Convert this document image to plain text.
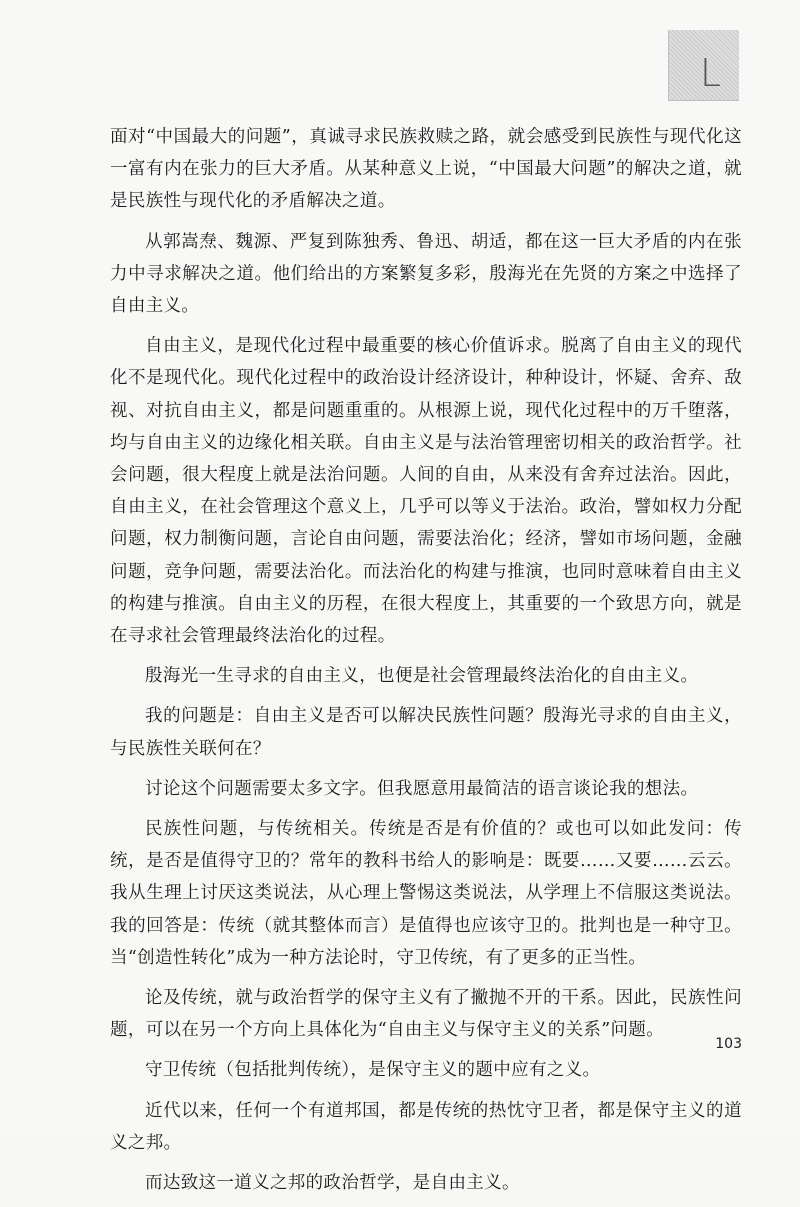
L

面对“中国最大的问题”，真诚寻求民族救赎之路，就会感受到民族性与现代化这一富有内在张力的巨大矛盾。从某种意义上说，“中国最大问题”的解决之道，就是民族性与现代化的矛盾解决之道。

从郭嵩焘、魏源、严复到陈独秀、鲁迅、胡适，都在这一巨大矛盾的内在张力中寻求解决之道。他们给出的方案繁复多彩，殷海光在先贤的方案之中选择了自由主义。

自由主义，是现代化过程中最重要的核心价值诉求。脱离了自由主义的现代化不是现代化。现代化过程中的政治设计经济设计，种种设计，怀疑、舍弃、敌视、对抗自由主义，都是问题重重的。从根源上说，现代化过程中的万千堕落，均与自由主义的边缘化相关联。自由主义是与法治管理密切相关的政治哲学。社会问题，很大程度上就是法治问题。人间的自由，从来没有舍弃过法治。因此，自由主义，在社会管理这个意义上，几乎可以等义于法治。政治，譬如权力分配问题，权力制衡问题，言论自由问题，需要法治化；经济，譬如市场问题，金融问题，竞争问题，需要法治化。而法治化的构建与推演，也同时意味着自由主义的构建与推演。自由主义的历程，在很大程度上，其重要的一个致思方向，就是在寻求社会管理最终法治化的过程。

殷海光一生寻求的自由主义，也便是社会管理最终法治化的自由主义。

我的问题是：自由主义是否可以解决民族性问题？殷海光寻求的自由主义，与民族性关联何在？

讨论这个问题需要太多文字。但我愿意用最简洁的语言谈论我的想法。

民族性问题，与传统相关。传统是否是有价值的？或也可以如此发问：传统，是否是值得守卫的？常年的教科书给人的影响是：既要……又要……云云。我从生理上讨厌这类说法，从心理上警惕这类说法，从学理上不信服这类说法。我的回答是：传统（就其整体而言）是值得也应该守卫的。批判也是一种守卫。当“创造性转化”成为一种方法论时，守卫传统，有了更多的正当性。

论及传统，就与政治哲学的保守主义有了撇抛不开的干系。因此，民族性问题，可以在另一个方向上具体化为“自由主义与保守主义的关系”问题。

守卫传统（包括批判传统），是保守主义的题中应有之义。

近代以来，任何一个有道邦国，都是传统的热忱守卫者，都是保守主义的道义之邦。

而达致这一道义之邦的政治哲学，是自由主义。

103
